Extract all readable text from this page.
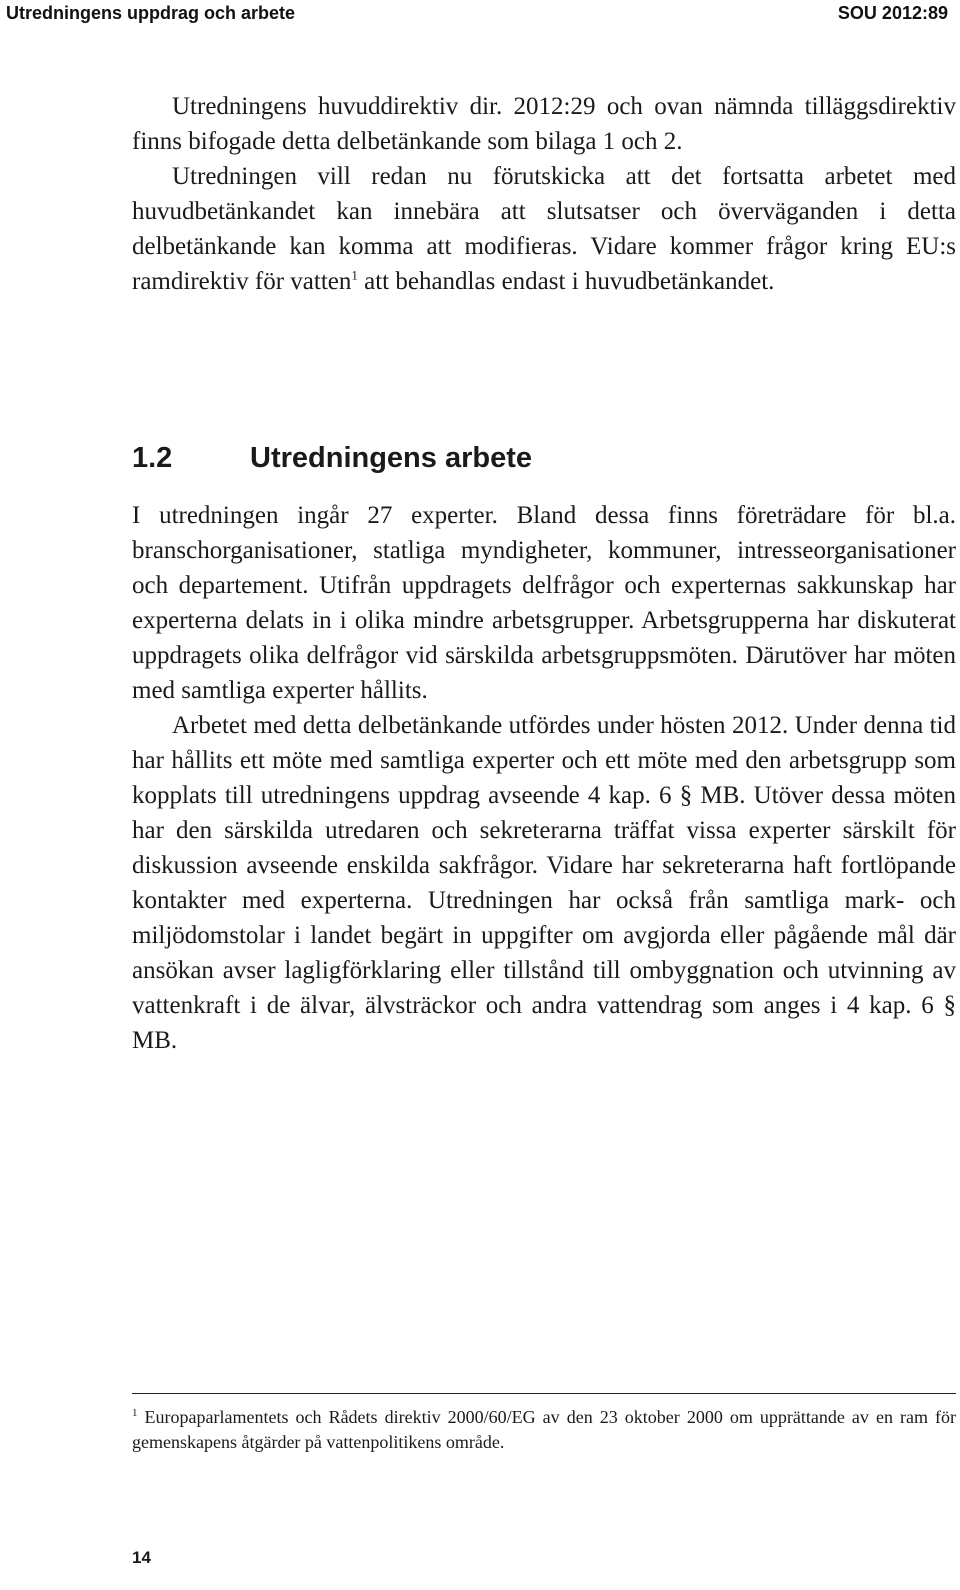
Utredningens uppdrag och arbete	SOU 2012:89

Utredningens huvuddirektiv dir. 2012:29 och ovan nämnda tilläggsdirektiv finns bifogade detta delbetänkande som bilaga 1 och 2.

Utredningen vill redan nu förutskicka att det fortsatta arbetet med huvudbetänkandet kan innebära att slutsatser och överväganden i detta delbetänkande kan komma att modifieras. Vidare kommer frågor kring EU:s ramdirektiv för vatten$^1$ att behandlas endast i huvudbetänkandet.

1.2	Utredningens arbete

I utredningen ingår 27 experter. Bland dessa finns företrädare för bl.a. branschorganisationer, statliga myndigheter, kommuner, intresseorganisationer och departement. Utifrån uppdragets delfrågor och experternas sakkunskap har experterna delats in i olika mindre arbetsgrupper. Arbetsgrupperna har diskuterat uppdragets olika delfrågor vid särskilda arbetsgruppsmöten. Därutöver har möten med samtliga experter hållits.

Arbetet med detta delbetänkande utfördes under hösten 2012. Under denna tid har hållits ett möte med samtliga experter och ett möte med den arbetsgrupp som kopplats till utredningens uppdrag avseende 4 kap. 6 § MB. Utöver dessa möten har den särskilda utredaren och sekreterarna träffat vissa experter särskilt för diskussion avseende enskilda sakfrågor. Vidare har sekreterarna haft fortlöpande kontakter med experterna. Utredningen har också från samtliga mark- och miljödomstolar i landet begärt in uppgifter om avgjorda eller pågående mål där ansökan avser lagligförklaring eller tillstånd till ombyggnation och utvinning av vattenkraft i de älvar, älvsträckor och andra vattendrag som anges i 4 kap. 6 § MB.

$^1$ Europaparlamentets och Rådets direktiv 2000/60/EG av den 23 oktober 2000 om upprättande av en ram för gemenskapens åtgärder på vattenpolitikens område.
14
